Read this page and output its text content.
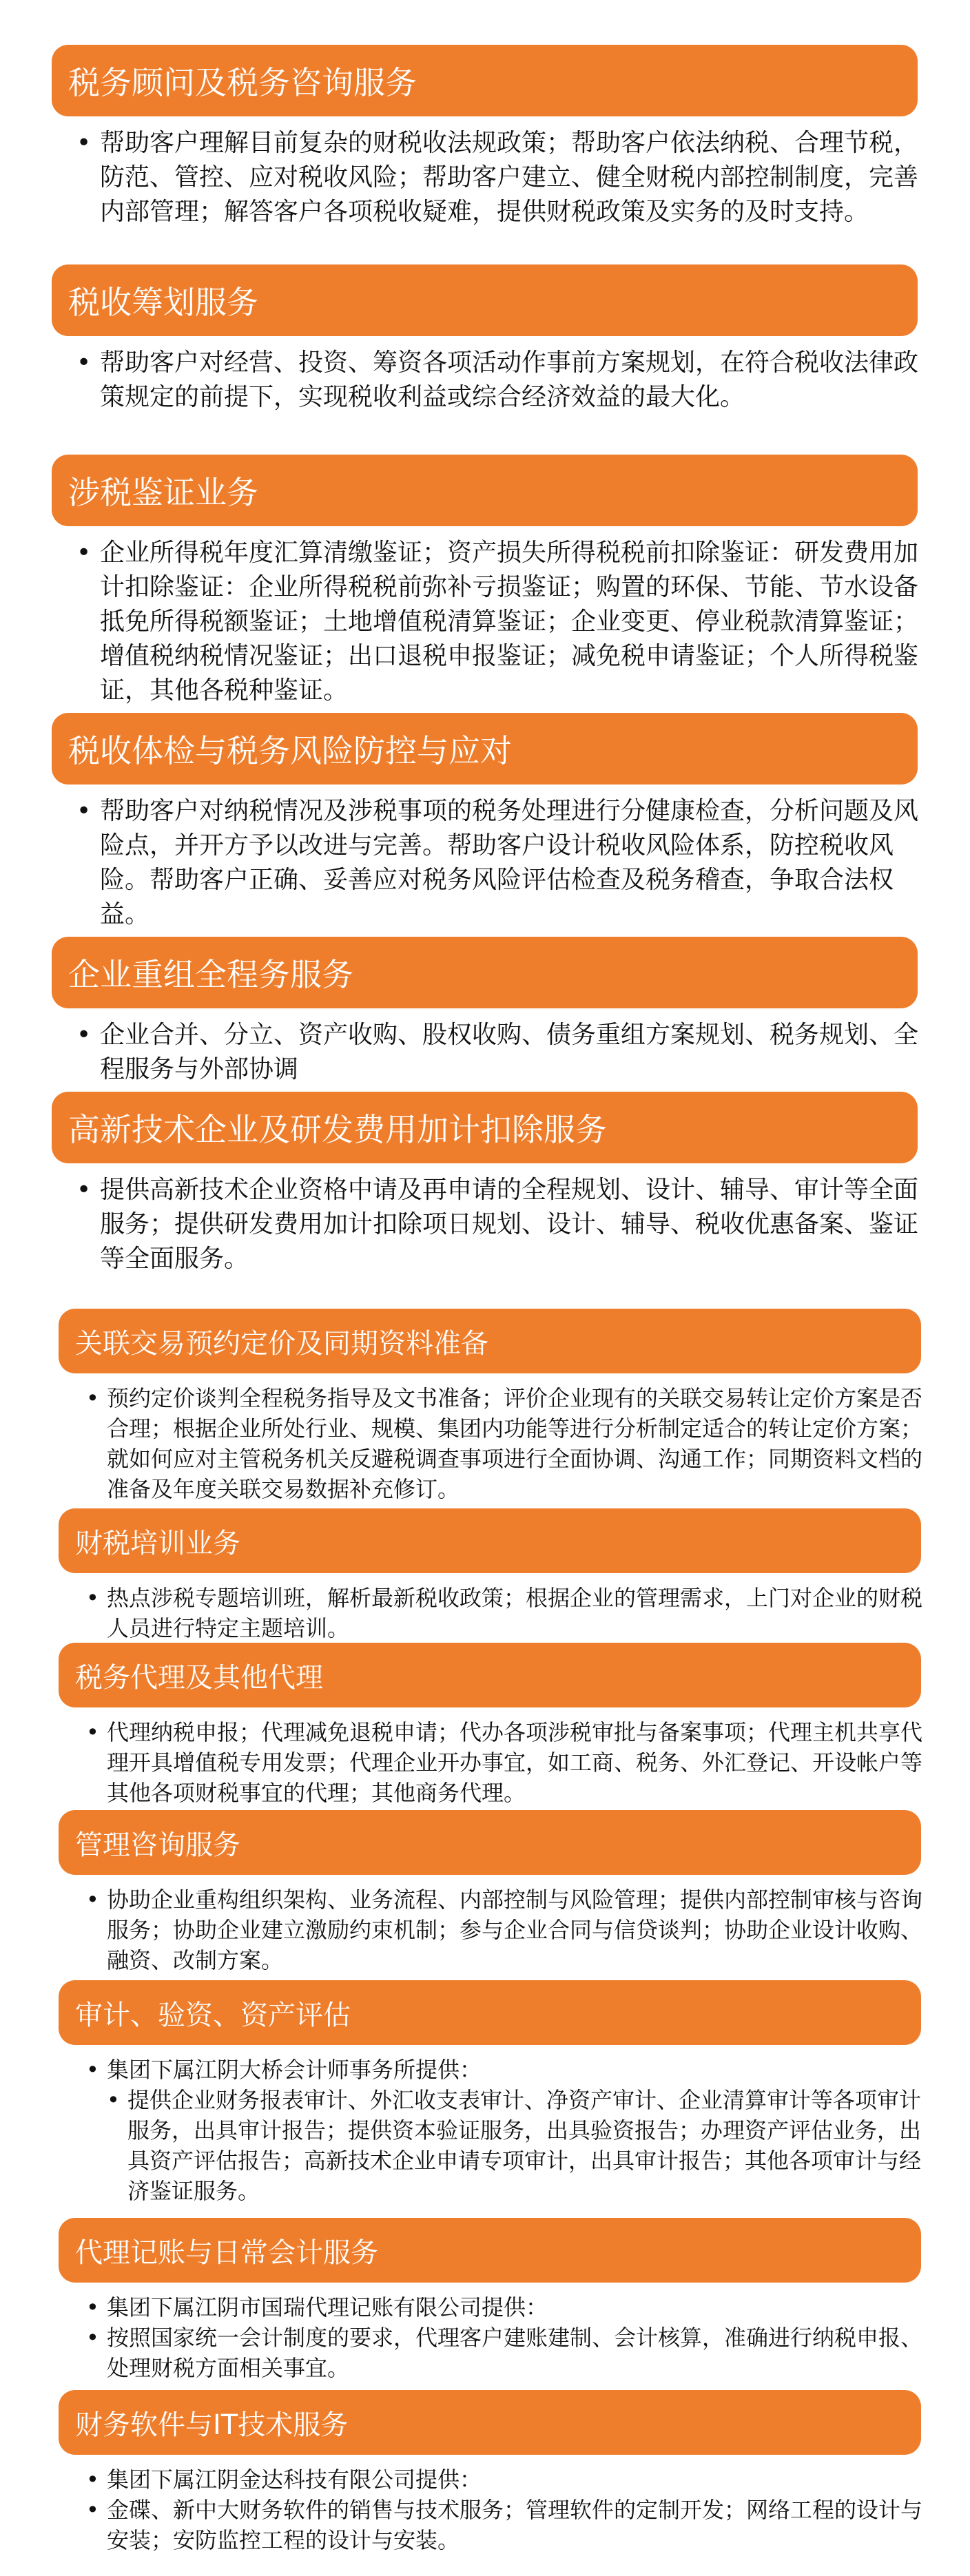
税务顾问及税务咨询服务
• 帮助客户理解目前复杂的财税收法规政策；帮助客户依法纳税、合理节税，防范、管控、应对税收风险；帮助客户建立、健全财税内部控制制度，完善内部管理；解答客户各项税收疑难，提供财税政策及实务的及时支持。
税收筹划服务
• 帮助客户对经营、投资、筹资各项活动作事前方案规划，在符合税收法律政策规定的前提下，实现税收利益或综合经济效益的最大化。
涉税鉴证业务
• 企业所得税年度汇算清缴鉴证；资产损失所得税税前扣除鉴证：研发费用加计扣除鉴证：企业所得税税前弥补亏损鉴证；购置的环保、节能、节水设备抵免所得税额鉴证；土地增值税清算鉴证；企业变更、停业税款清算鉴证；增值税纳税情况鉴证；出口退税申报鉴证；减免税申请鉴证；个人所得税鉴证，其他各税种鉴证。
税收体检与税务风险防控与应对
• 帮助客户对纳税情况及涉税事项的税务处理进行分健康检查，分析问题及风险点，并开方予以改进与完善。帮助客户设计税收风险体系，防控税收风险。帮助客户正确、妥善应对税务风险评估检查及税务稽查，争取合法权益。
企业重组全程务服务
• 企业合并、分立、资产收购、股权收购、债务重组方案规划、税务规划、全程服务与外部协调
高新技术企业及研发费用加计扣除服务
• 提供高新技术企业资格中请及再申请的全程规划、设计、辅导、审计等全面服务；提供研发费用加计扣除项日规划、设计、辅导、税收优惠备案、鉴证等全面服务。
关联交易预约定价及同期资料准备
• 预约定价谈判全程税务指导及文书准备；评价企业现有的关联交易转让定价方案是否合理；根据企业所处行业、规模、集团内功能等进行分析制定适合的转让定价方案；就如何应对主管税务机关反避税调查事项进行全面协调、沟通工作；同期资料文档的准备及年度关联交易数据补充修订。
财税培训业务
• 热点涉税专题培训班，解析最新税收政策；根据企业的管理需求，上门对企业的财税人员进行特定主题培训。
税务代理及其他代理
• 代理纳税申报；代理减免退税申请；代办各项涉税审批与备案事项；代理主机共享代理开具增值税专用发票；代理企业开办事宜，如工商、税务、外汇登记、开设帐户等其他各项财税事宜的代理；其他商务代理。
管理咨询服务
• 协助企业重构组织架构、业务流程、内部控制与风险管理；提供内部控制审核与咨询服务；协助企业建立激励约束机制；参与企业合同与信贷谈判；协助企业设计收购、融资、改制方案。
审计、验资、资产评估
• 集团下属江阴大桥会计师事务所提供：
• 提供企业财务报表审计、外汇收支表审计、净资产审计、企业清算审计等各项审计服务，出具审计报告；提供资本验证服务，出具验资报告；办理资产评估业务，出具资产评估报告；高新技术企业申请专项审计，出具审计报告；其他各项审计与经济鉴证服务。
代理记账与日常会计服务
• 集团下属江阴市国瑞代理记账有限公司提供：
• 按照国家统一会计制度的要求，代理客户建账建制、会计核算，准确进行纳税申报、处理财税方面相关事宜。
财务软件与IT技术服务
• 集团下属江阴金达科技有限公司提供：
• 金碟、新中大财务软件的销售与技术服务；管理软件的定制开发；网络工程的设计与安装；安防监控工程的设计与安装。
